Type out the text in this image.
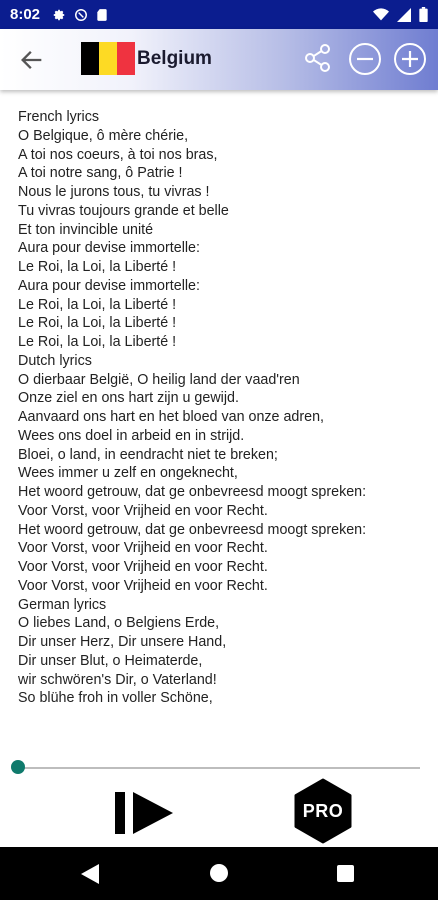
8:02
Belgium
French lyrics
O Belgique, ô mère chérie,
A toi nos coeurs, à toi nos bras,
A toi notre sang, ô Patrie !
Nous le jurons tous, tu vivras !
Tu vivras toujours grande et belle
Et ton invincible unité
Aura pour devise immortelle:
Le Roi, la Loi, la Liberté !
Aura pour devise immortelle:
Le Roi, la Loi, la Liberté !
Le Roi, la Loi, la Liberté !
Le Roi, la Loi, la Liberté !
Dutch lyrics
O dierbaar België, O heilig land der vaad'ren
Onze ziel en ons hart zijn u gewijd.
Aanvaard ons hart en het bloed van onze adren,
Wees ons doel in arbeid en in strijd.
Bloei, o land, in eendracht niet te breken;
Wees immer u zelf en ongeknecht,
Het woord getrouw, dat ge onbevreesd moogt spreken:
Voor Vorst, voor Vrijheid en voor Recht.
Het woord getrouw, dat ge onbevreesd moogt spreken:
Voor Vorst, voor Vrijheid en voor Recht.
Voor Vorst, voor Vrijheid en voor Recht.
Voor Vorst, voor Vrijheid en voor Recht.
German lyrics
O liebes Land, o Belgiens Erde,
Dir unser Herz, Dir unsere Hand,
Dir unser Blut, o Heimaterde,
wir schwören's Dir, o Vaterland!
So blühe froh in voller Schöne,
PRO
